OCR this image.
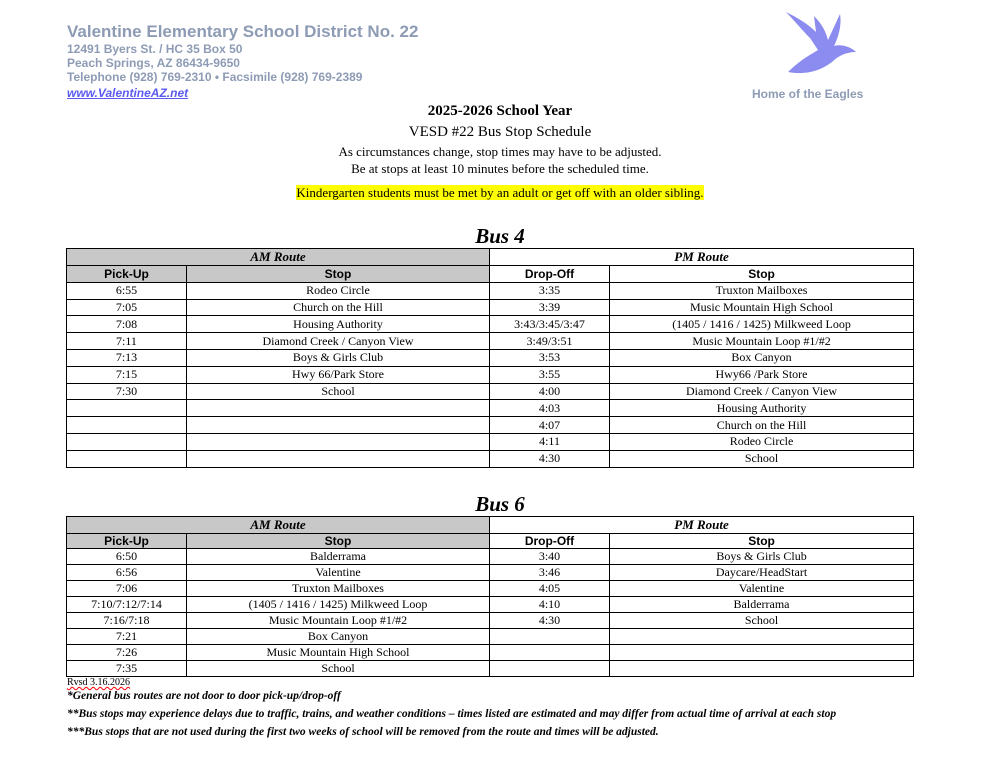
Valentine Elementary School District No. 22
12491 Byers St. / HC 35 Box 50
Peach Springs, AZ 86434-9650
Telephone (928) 769-2310 • Facsimile (928) 769-2389
www.ValentineAZ.net	Home of the Eagles
2025-2026 School Year
VESD #22 Bus Stop Schedule
As circumstances change, stop times may have to be adjusted.
Be at stops at least 10 minutes before the scheduled time.
Kindergarten students must be met by an adult or get off with an older sibling.
Bus 4
AM Route		PM Route	
Pick-Up	Stop	Drop-Off	Stop
6:55	Rodeo Circle	3:35	Truxton Mailboxes
7:05	Church on the Hill	3:39	Music Mountain High School
7:08	Housing Authority	3:43/3:45/3:47	(1405 / 1416 / 1425) Milkweed Loop
7:11	Diamond Creek / Canyon View	3:49/3:51	Music Mountain Loop #1/#2
7:13	Boys & Girls Club	3:53	Box Canyon
7:15	Hwy 66/Park Store	3:55	Hwy66 /Park Store
7:30	School	4:00	Diamond Creek / Canyon View
		4:03	Housing Authority
		4:07	Church on the Hill
		4:11	Rodeo Circle
		4:30	School
Bus 6
AM Route		PM Route	
Pick-Up	Stop	Drop-Off	Stop
6:50	Balderrama	3:40	Boys & Girls Club
6:56	Valentine	3:46	Daycare/HeadStart
7:06	Truxton Mailboxes	4:05	Valentine
7:10/7:12/7:14	(1405 / 1416 / 1425) Milkweed Loop	4:10	Balderrama
7:16/7:18	Music Mountain Loop #1/#2	4:30	School
7:21	Box Canyon		
7:26	Music Mountain High School		
7:35	School		
Rvsd 3.16.2026
*General bus routes are not door to door pick-up/drop-off
**Bus stops may experience delays due to traffic, trains, and weather conditions – times listed are estimated and may differ from actual time of arrival at each stop
***Bus stops that are not used during the first two weeks of school will be removed from the route and times will be adjusted.
